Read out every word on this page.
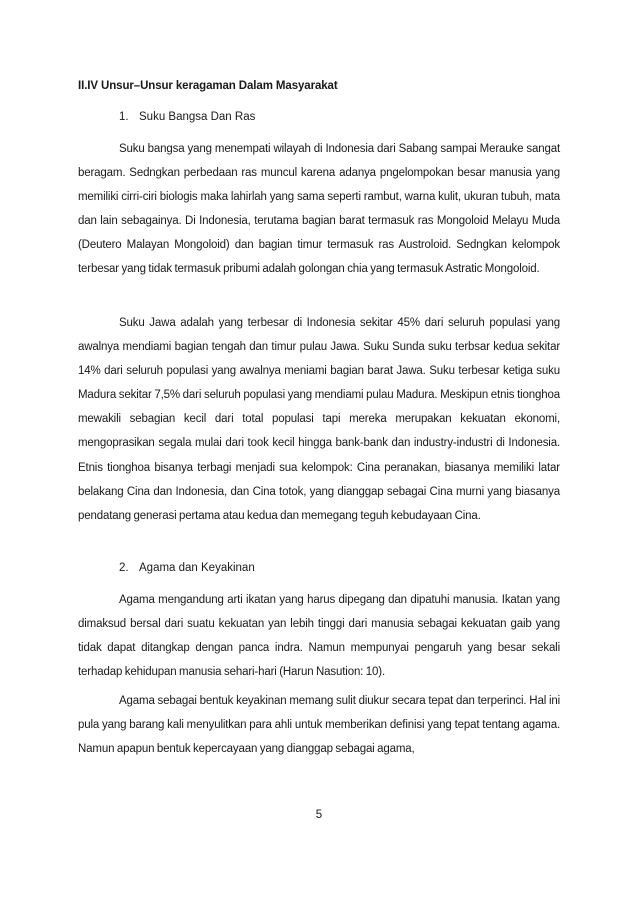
II.IV Unsur–Unsur keragaman Dalam Masyarakat
1. Suku Bangsa Dan Ras

Suku bangsa yang menempati wilayah di Indonesia dari Sabang sampai Merauke sangat beragam. Sedngkan perbedaan ras muncul karena adanya pngelompokan besar manusia yang memiliki cirri-ciri biologis maka lahirlah yang sama seperti rambut, warna kulit, ukuran tubuh, mata dan lain sebagainya. Di Indonesia, terutama bagian barat termasuk ras Mongoloid Melayu Muda (Deutero Malayan Mongoloid) dan bagian timur termasuk ras Austroloid. Sedngkan kelompok terbesar yang tidak termasuk pribumi adalah golongan chia yang termasuk Astratic Mongoloid.

Suku Jawa adalah yang terbesar di Indonesia sekitar 45% dari seluruh populasi yang awalnya mendiami bagian tengah dan timur pulau Jawa. Suku Sunda suku terbsar kedua sekitar 14% dari seluruh populasi yang awalnya meniami bagian barat Jawa. Suku terbesar ketiga suku Madura sekitar 7,5% dari seluruh populasi yang mendiami pulau Madura. Meskipun etnis tionghoa mewakili sebagian kecil dari total populasi tapi mereka merupakan kekuatan ekonomi, mengoprasikan segala mulai dari took kecil hingga bank-bank dan industry-industri di Indonesia. Etnis tionghoa bisanya terbagi menjadi sua kelompok: Cina peranakan, biasanya memiliki latar belakang Cina dan Indonesia, dan Cina totok, yang dianggap sebagai Cina murni yang biasanya pendatang generasi pertama atau kedua dan memegang teguh kebudayaan Cina.

2. Agama dan Keyakinan

Agama mengandung arti ikatan yang harus dipegang dan dipatuhi manusia. Ikatan yang dimaksud bersal dari suatu kekuatan yan lebih tinggi dari manusia sebagai kekuatan gaib yang tidak dapat ditangkap dengan panca indra. Namun mempunyai pengaruh yang besar sekali terhadap kehidupan manusia sehari-hari (Harun Nasution: 10).

Agama sebagai bentuk keyakinan memang sulit diukur secara tepat dan terperinci. Hal ini pula yang barang kali menyulitkan para ahli untuk memberikan definisi yang tepat tentang agama. Namun apapun bentuk kepercayaan yang dianggap sebagai agama,

5
